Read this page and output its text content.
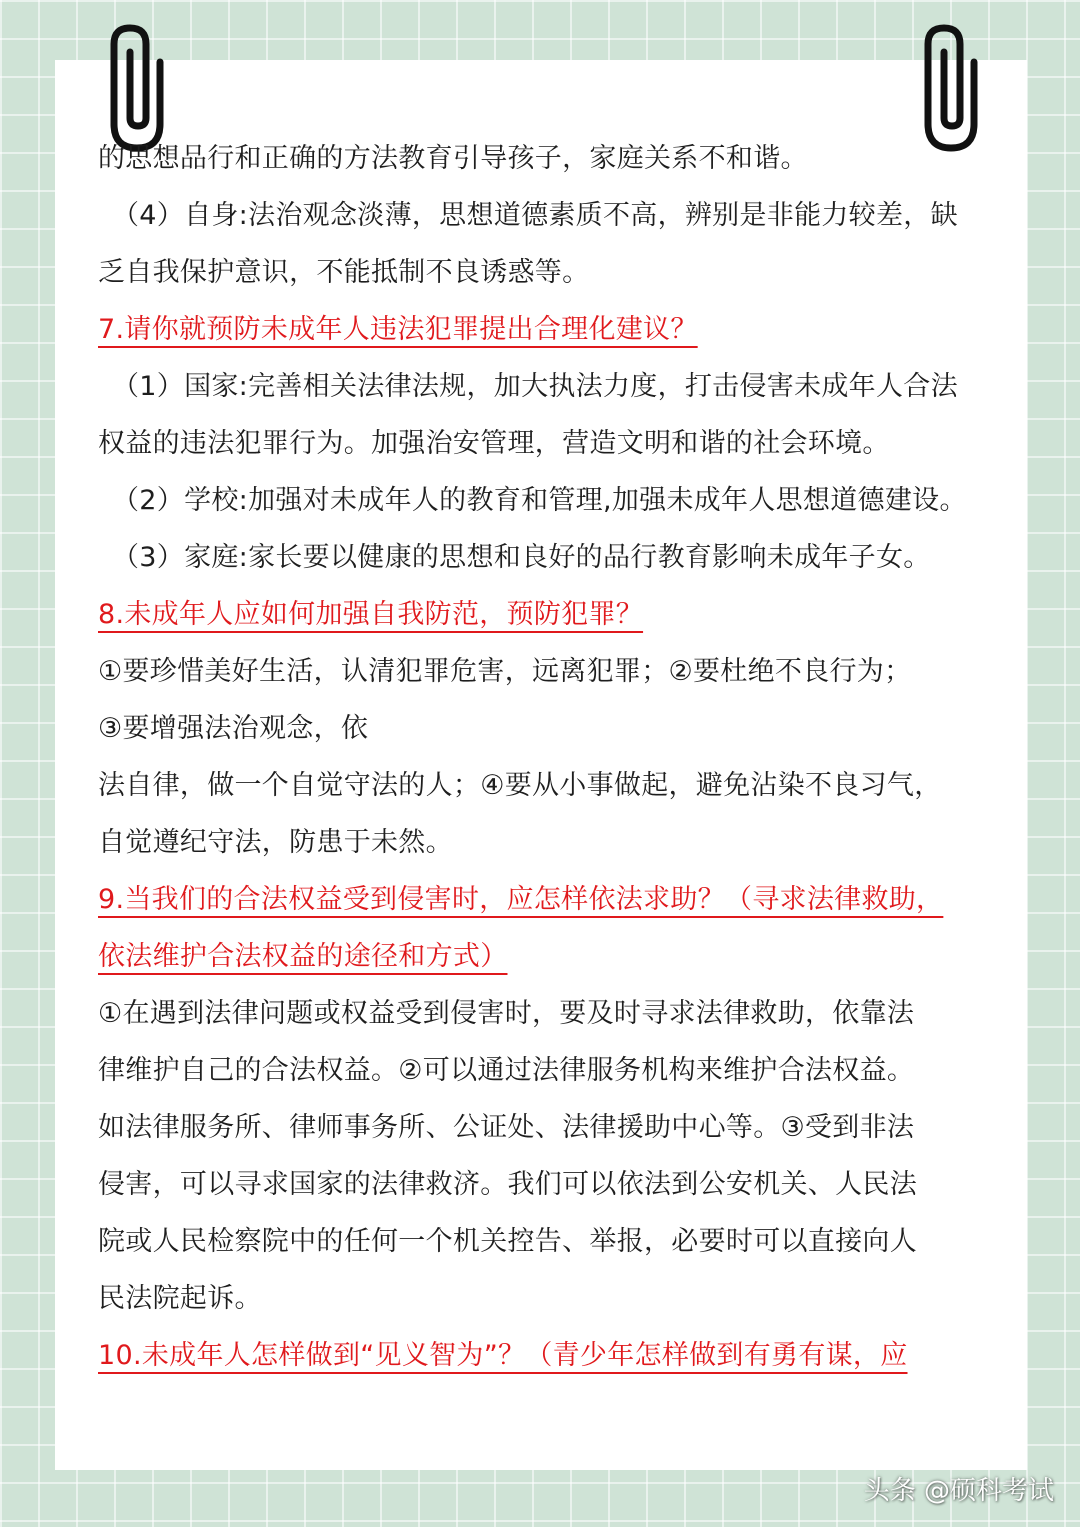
的思想品行和正确的方法教育引导孩子，家庭关系不和谐。
（4）自身:法治观念淡薄，思想道德素质不高，辨别是非能力较差，缺
乏自我保护意识，不能抵制不良诱惑等。
7.请你就预防未成年人违法犯罪提出合理化建议？
（1）国家:完善相关法律法规，加大执法力度，打击侵害未成年人合法
权益的违法犯罪行为。加强治安管理，营造文明和谐的社会环境。
（2）学校:加强对未成年人的教育和管理,加强未成年人思想道德建设。
（3）家庭:家长要以健康的思想和良好的品行教育影响未成年子女。
8.未成年人应如何加强自我防范，预防犯罪？
①要珍惜美好生活，认清犯罪危害，远离犯罪；②要杜绝不良行为；
③要增强法治观念，依
法自律，做一个自觉守法的人；④要从小事做起，避免沾染不良习气，
自觉遵纪守法，防患于未然。
9.当我们的合法权益受到侵害时，应怎样依法求助？（寻求法律救助，
依法维护合法权益的途径和方式）
①在遇到法律问题或权益受到侵害时，要及时寻求法律救助，依靠法
律维护自己的合法权益。②可以通过法律服务机构来维护合法权益。
如法律服务所、律师事务所、公证处、法律援助中心等。③受到非法
侵害，可以寻求国家的法律救济。我们可以依法到公安机关、人民法
院或人民检察院中的任何一个机关控告、举报，必要时可以直接向人
民法院起诉。
10.未成年人怎样做到“见义智为”？（青少年怎样做到有勇有谋，应
头条 @硕科考试
